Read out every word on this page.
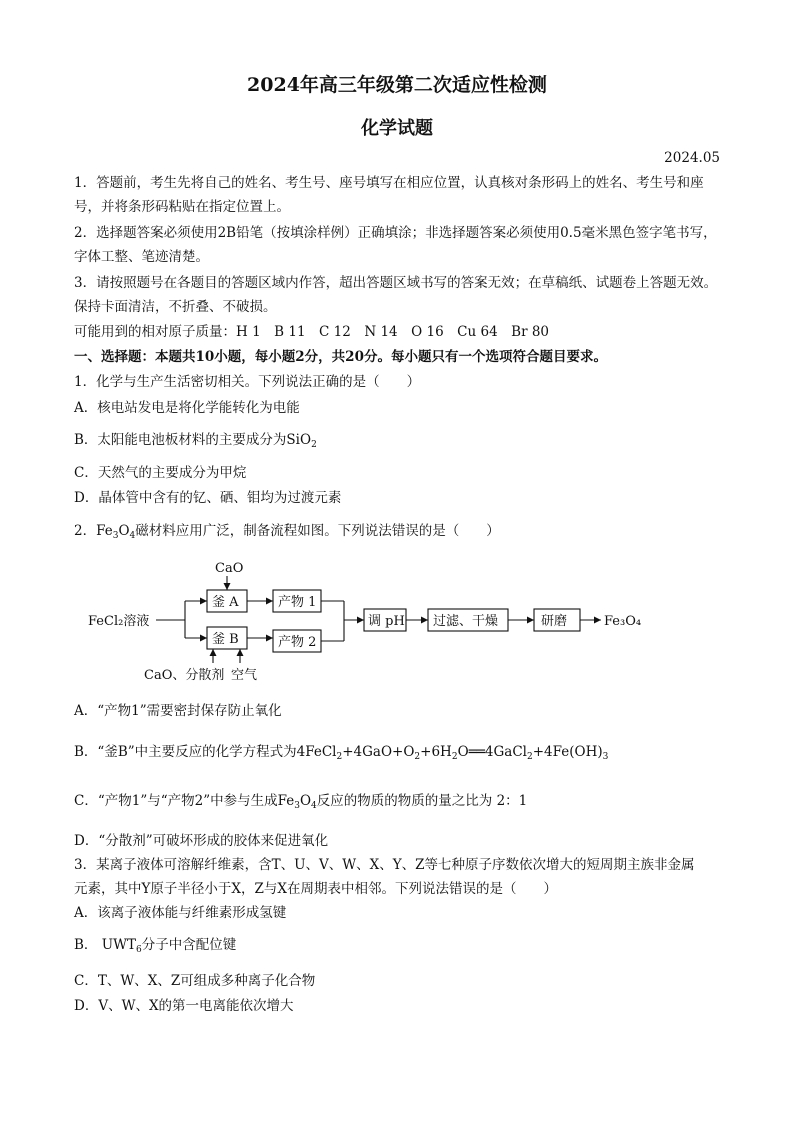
2024年高三年级第二次适应性检测
化学试题
2024.05
1．答题前，考生先将自己的姓名、考生号、座号填写在相应位置，认真核对条形码上的姓名、考生号和座
号，并将条形码粘贴在指定位置上。
2．选择题答案必须使用2B铅笔（按填涂样例）正确填涂；非选择题答案必须使用0.5毫米黑色签字笔书写，
字体工整、笔迹清楚。
3．请按照题号在各题目的答题区域内作答，超出答题区域书写的答案无效；在草稿纸、试题卷上答题无效。
保持卡面清洁，不折叠、不破损。
可能用到的相对原子质量：H 1　B 11　C 12　N 14　O 16　Cu 64　Br 80
一、选择题：本题共10小题，每小题2分，共20分。每小题只有一个选项符合题目要求。
1．化学与生产生活密切相关。下列说法正确的是（　　）
A．核电站发电是将化学能转化为电能
B．太阳能电池板材料的主要成分为SiO$_2$
C．天然气的主要成分为甲烷
D．晶体管中含有的钇、硒、钼均为过渡元素
2．$Fe_3O_4$磁材料应用广泛，制备流程如图。下列说法错误的是（　　）
FeCl₂溶液
CaO
釜 A
釜 B
产物 1
产物 2
调 pH 过滤、干燥	研磨	Fe₃O₄
CaO、分散剂 空气
A．“产物1”需要密封保存防止氧化
B．“釜B”中主要反应的化学方程式为$4FeCl_2+4GaO+O_2+6H_2O══4GaCl_2+4Fe(OH)_3$
C．“产物1”与“产物2”中参与生成$Fe_3O_4$反应的物质的物质的量之比为 2：1
D．“分散剂”可破坏形成的胶体来促进氧化
3．某离子液体可溶解纤维素，含T、U、V、W、X、Y、Z等七种原子序数依次增大的短周期主族非金属
元素，其中Y原子半径小于X，Z与X在周期表中相邻。下列说法错误的是（　　）
A．该离子液体能与纤维素形成氢键
B． $UWT_6$分子中含配位键
C．T、W、X、Z可组成多种离子化合物
D．V、W、X的第一电离能依次增大
